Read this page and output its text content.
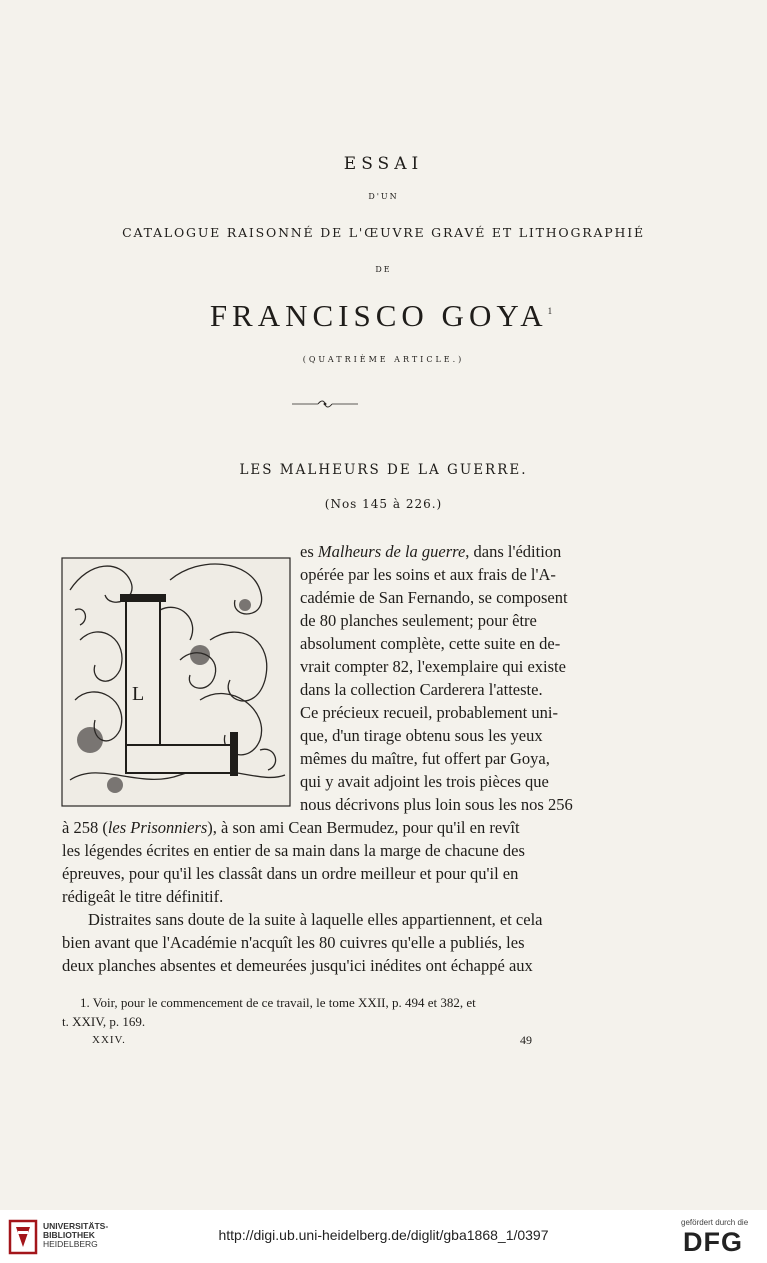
ESSAI
D'UN
CATALOGUE RAISONNÉ DE L'ŒUVRE GRAVÉ ET LITHOGRAPHIÉ
DE
FRANCISCO GOYA$^1$
(QUATRIÈME ARTICLE.)
LES MALHEURS DE LA GUERRE.
(Nos 145 à 226.)
L
es Malheurs de la guerre, dans l'édition
opérée par les soins et aux frais de l'A-
cadémie de San Fernando, se composent
de 80 planches seulement; pour être
absolument complète, cette suite en de-
vrait compter 82, l'exemplaire qui existe
dans la collection Carderera l'atteste.
Ce précieux recueil, probablement uni-
que, d'un tirage obtenu sous les yeux
mêmes du maître, fut offert par Goya,
qui y avait adjoint les trois pièces que
nous décrivons plus loin sous les nos 256
à 258 (les Prisonniers), à son ami Cean Bermudez, pour qu'il en revît
les légendes écrites en entier de sa main dans la marge de chacune des
épreuves, pour qu'il les classât dans un ordre meilleur et pour qu'il en
rédigeât le titre définitif.
Distraites sans doute de la suite à laquelle elles appartiennent, et cela
bien avant que l'Académie n'acquît les 80 cuivres qu'elle a publiés, les
deux planches absentes et demeurées jusqu'ici inédites ont échappé aux
1. Voir, pour le commencement de ce travail, le tome XXII, p. 494 et 382, et
t. XXIV, p. 169.
XXIV.	49
UNIVERSITÄTS-
BIBLIOTHEK
HEIDELBERG
http://digi.ub.uni-heidelberg.de/diglit/gba1868_1/0397
gefördert durch die
DFG
